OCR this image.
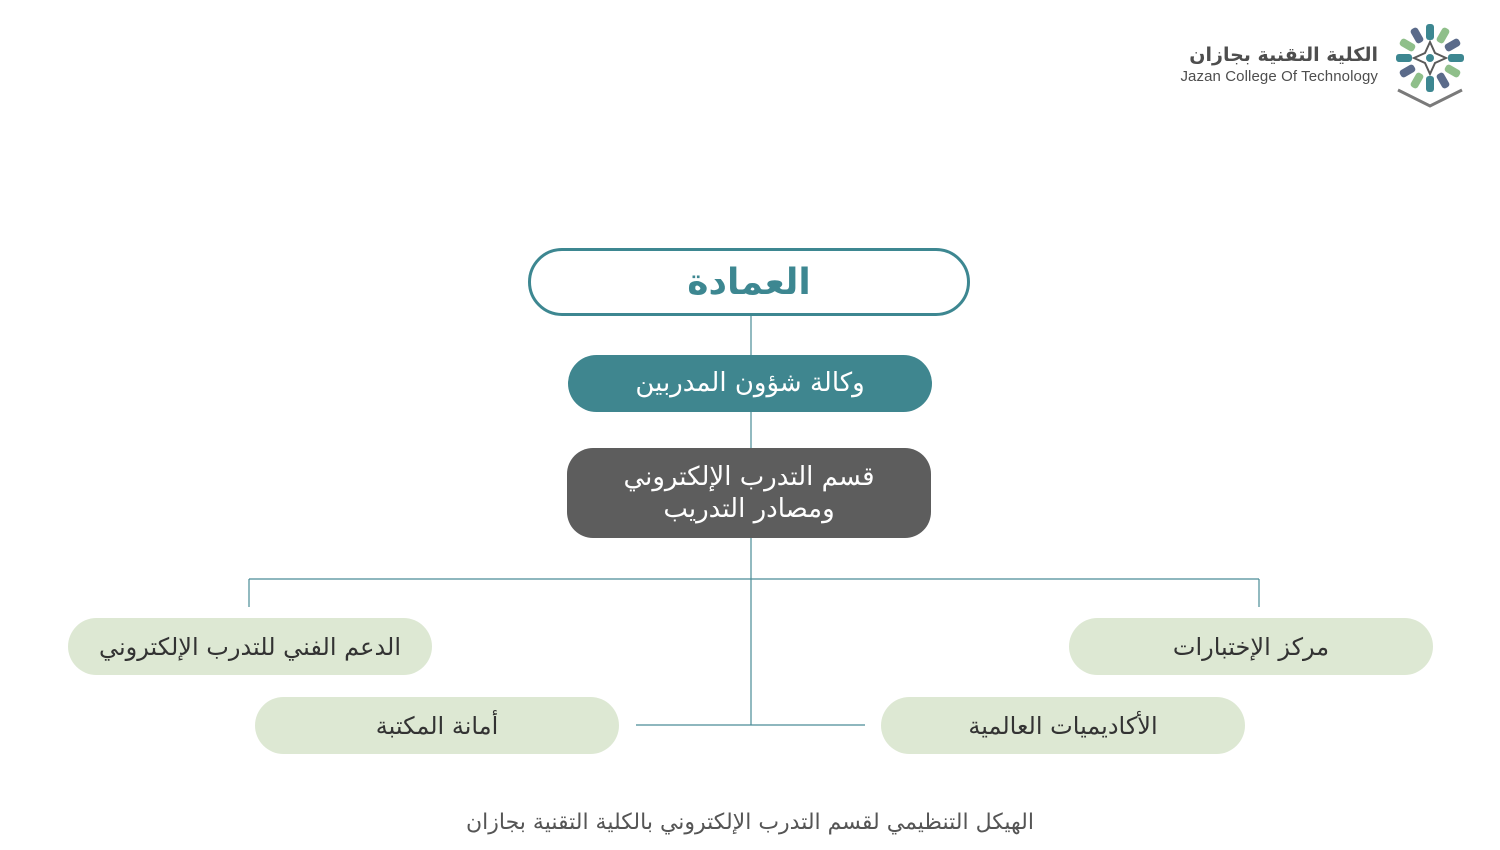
الكلية التقنية بجازان
Jazan College Of Technology
العمادة
وكالة شؤون المدربين
قسم التدرب الإلكتروني
ومصادر التدريب
الدعم الفني للتدرب الإلكتروني	مركز الإختبارات
أمانة المكتبة	الأكاديميات العالمية
الهيكل التنظيمي لقسم التدرب الإلكتروني بالكلية التقنية بجازان
